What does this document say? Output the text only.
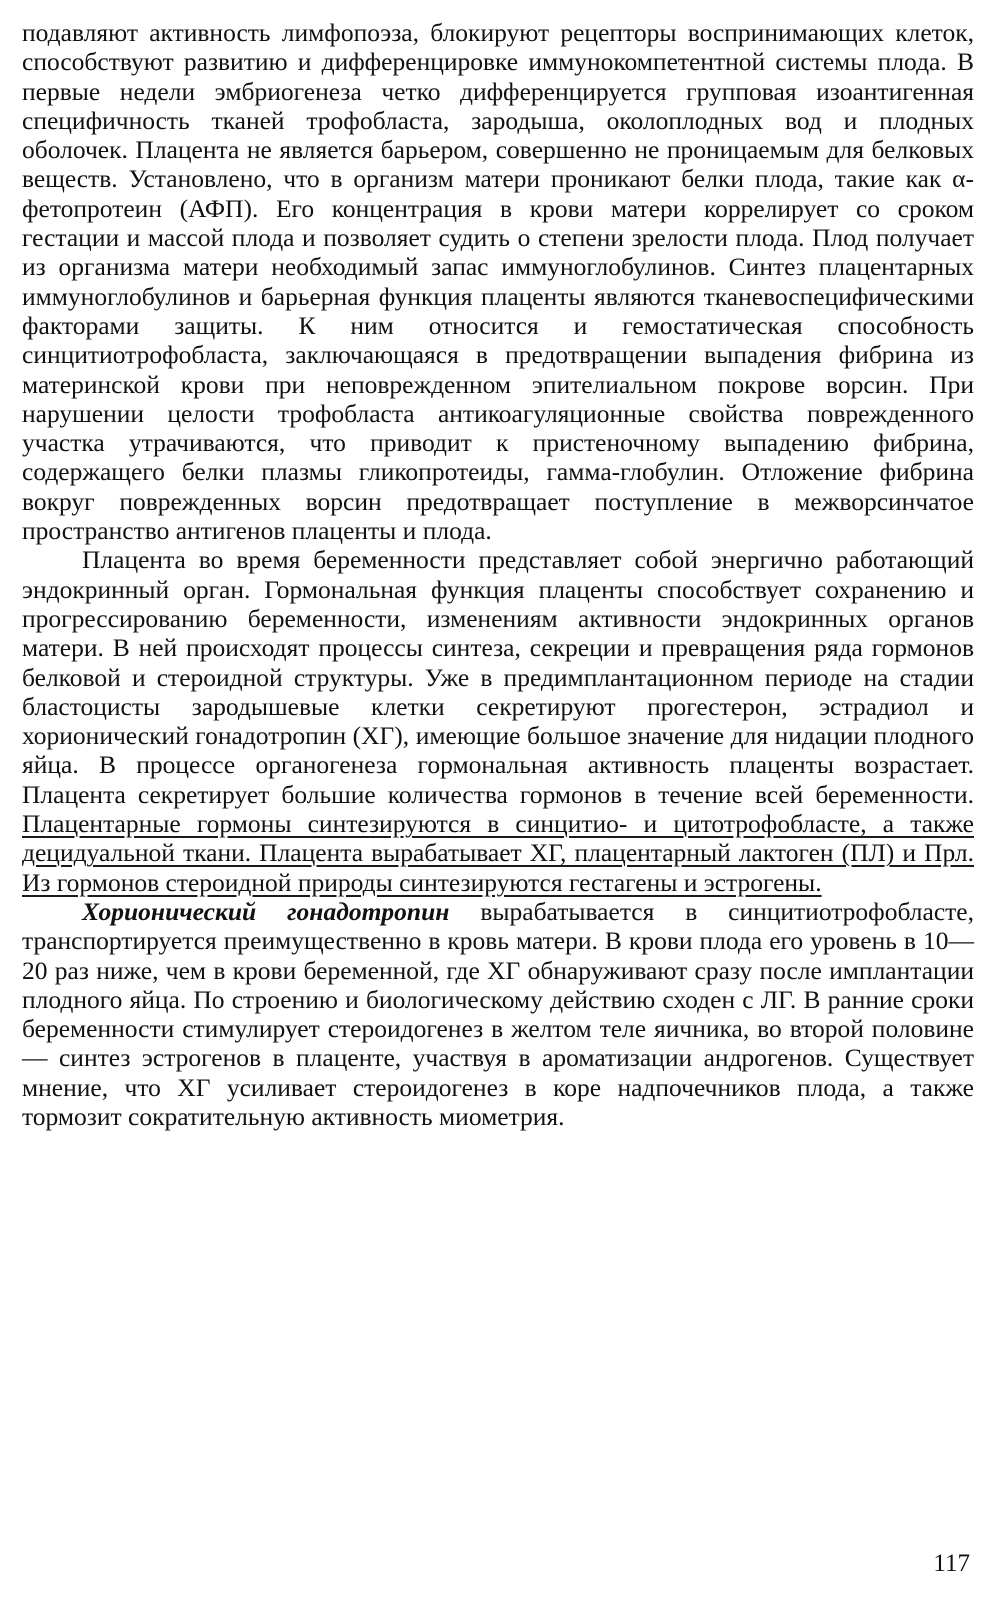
подавляют активность лимфопоэза, блокируют рецепторы воспринимающих клеток, способствуют развитию и дифференцировке иммунокомпетентной системы плода. В первые недели эмбриогенеза четко дифференцируется групповая изоантигенная специфичность тканей трофобласта, зародыша, околоплодных вод и плодных оболочек. Плацента не является барьером, совершенно не проницаемым для белковых веществ. Установлено, что в организм матери проникают белки плода, такие как α-фетопротеин (АФП). Его концентрация в крови матери коррелирует со сроком гестации и массой плода и позволяет судить о степени зрелости плода. Плод получает из организма матери необходимый запас иммуноглобулинов. Синтез плацентарных иммуноглобулинов и барьерная функция плаценты являются тканевоспецифическими факторами защиты. К ним относится и гемостатическая способность синцитиотрофобласта, заключающаяся в предотвращении выпадения фибрина из материнской крови при неповрежденном эпителиальном покрове ворсин. При нарушении целости трофобласта антикоагуляционные свойства поврежденного участка утрачиваются, что приводит к пристеночному выпадению фибрина, содержащего белки плазмы гликопротеиды, гамма-глобулин. Отложение фибрина вокруг поврежденных ворсин предотвращает поступление в межворсинчатое пространство антигенов плаценты и плода.

Плацента во время беременности представляет собой энергично работающий эндокринный орган. Гормональная функция плаценты способствует сохранению и прогрессированию беременности, изменениям активности эндокринных органов матери. В ней происходят процессы синтеза, секреции и превращения ряда гормонов белковой и стероидной структуры. Уже в предимплантационном периоде на стадии бластоцисты зародышевые клетки секретируют прогестерон, эстрадиол и хорионический гонадотропин (ХГ), имеющие большое значение для нидации плодного яйца. В процессе органогенеза гормональная активность плаценты возрастает. Плацента секретирует большие количества гормонов в течение всей беременности. Плацентарные гормоны синтезируются в синцитио- и цитотрофобласте, а также децидуальной ткани. Плацента вырабатывает ХГ, плацентарный лактоген (ПЛ) и Прл. Из гормонов стероидной природы синтезируются гестагены и эстрогены.

Хорионический гонадотропин вырабатывается в синцитиотрофобласте, транспортируется преимущественно в кровь матери. В крови плода его уровень в 10—20 раз ниже, чем в крови беременной, где ХГ обнаруживают сразу после имплантации плодного яйца. По строению и биологическому действию сходен с ЛГ. В ранние сроки беременности стимулирует стероидогенез в желтом теле яичника, во второй половине — синтез эстрогенов в плаценте, участвуя в ароматизации андрогенов. Существует мнение, что ХГ усиливает стероидогенез в коре надпочечников плода, а также тормозит сократительную активность миометрия.

117
